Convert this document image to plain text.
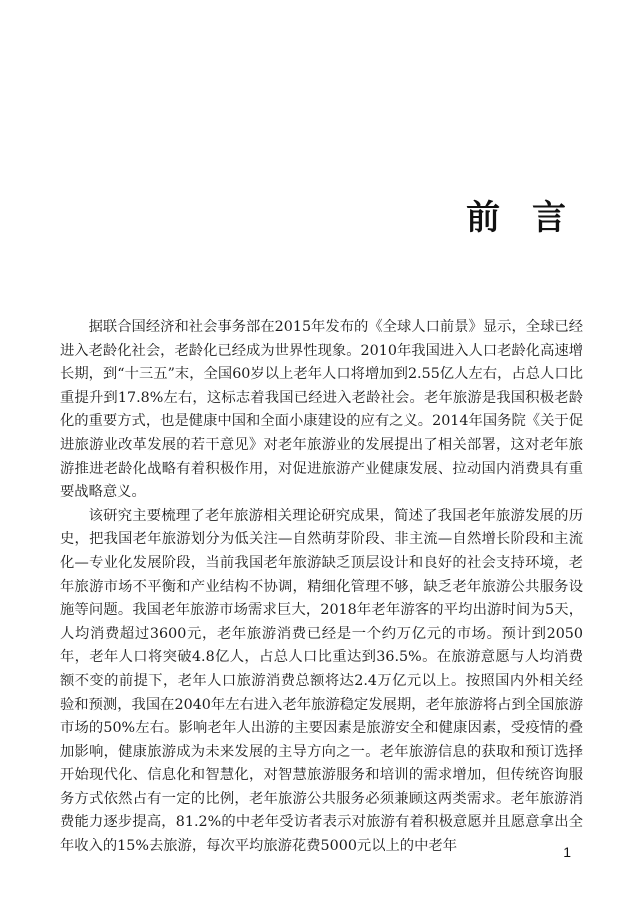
前 言

据联合国经济和社会事务部在2015年发布的《全球人口前景》显示，全球已经进入老龄化社会，老龄化已经成为世界性现象。2010年我国进入人口老龄化高速增长期，到“十三五”末，全国60岁以上老年人口将增加到2.55亿人左右，占总人口比重提升到17.8%左右，这标志着我国已经进入老龄社会。老年旅游是我国积极老龄化的重要方式，也是健康中国和全面小康建设的应有之义。2014年国务院《关于促进旅游业改革发展的若干意见》对老年旅游业的发展提出了相关部署，这对老年旅游推进老龄化战略有着积极作用，对促进旅游产业健康发展、拉动国内消费具有重要战略意义。

该研究主要梳理了老年旅游相关理论研究成果，简述了我国老年旅游发展的历史，把我国老年旅游划分为低关注—自然萌芽阶段、非主流—自然增长阶段和主流化—专业化发展阶段，当前我国老年旅游缺乏顶层设计和良好的社会支持环境，老年旅游市场不平衡和产业结构不协调，精细化管理不够，缺乏老年旅游公共服务设施等问题。我国老年旅游市场需求巨大，2018年老年游客的平均出游时间为5天，人均消费超过3600元，老年旅游消费已经是一个约万亿元的市场。预计到2050年，老年人口将突破4.8亿人，占总人口比重达到36.5%。在旅游意愿与人均消费额不变的前提下，老年人口旅游消费总额将达2.4万亿元以上。按照国内外相关经验和预测，我国在2040年左右进入老年旅游稳定发展期，老年旅游将占到全国旅游市场的50%左右。影响老年人出游的主要因素是旅游安全和健康因素，受疫情的叠加影响，健康旅游成为未来发展的主导方向之一。老年旅游信息的获取和预订选择开始现代化、信息化和智慧化，对智慧旅游服务和培训的需求增加，但传统咨询服务方式依然占有一定的比例，老年旅游公共服务必须兼顾这两类需求。老年旅游消费能力逐步提高，81.2%的中老年受访者表示对旅游有着积极意愿并且愿意拿出全年收入的15%去旅游，每次平均旅游花费5000元以上的中老年	1
